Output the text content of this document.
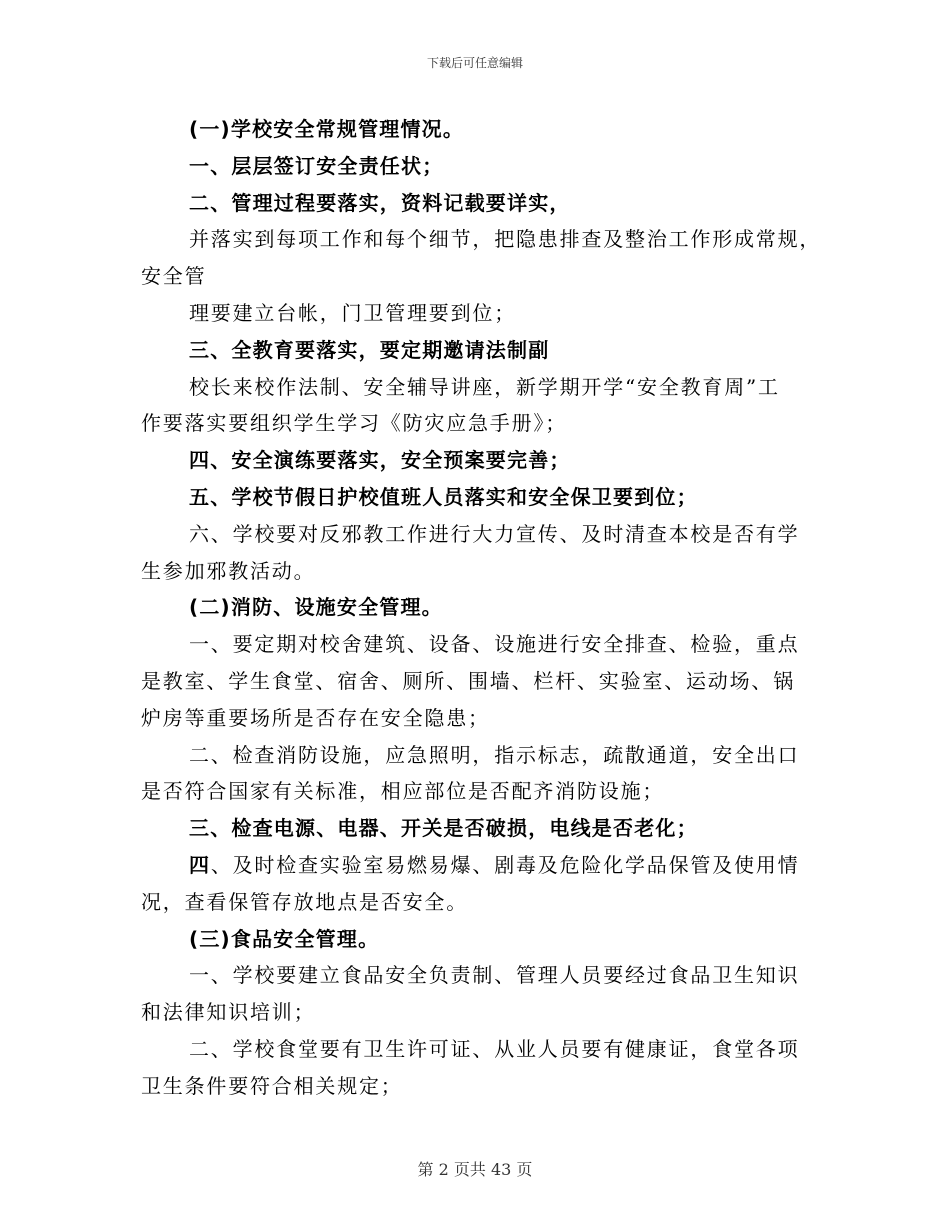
下载后可任意编辑
(一)学校安全常规管理情况。
一、层层签订安全责任状；
二、管理过程要落实，资料记载要详实，
并落实到每项工作和每个细节，把隐患排查及整治工作形成常规，
安全管
理要建立台帐，门卫管理要到位；
三、全教育要落实，要定期邀请法制副
校长来校作法制、安全辅导讲座，新学期开学“安全教育周”工
作要落实要组织学生学习《防灾应急手册》；
四、安全演练要落实，安全预案要完善；
五、学校节假日护校值班人员落实和安全保卫要到位；
六、学校要对反邪教工作进行大力宣传、及时清查本校是否有学
生参加邪教活动。
(二)消防、设施安全管理。
一、要定期对校舍建筑、设备、设施进行安全排查、检验，重点
是教室、学生食堂、宿舍、厕所、围墙、栏杆、实验室、运动场、锅
炉房等重要场所是否存在安全隐患；
二、检查消防设施，应急照明，指示标志，疏散通道，安全出口
是否符合国家有关标准，相应部位是否配齐消防设施；
三、检查电源、电器、开关是否破损，电线是否老化；
四、及时检查实验室易燃易爆、剧毒及危险化学品保管及使用情
况，查看保管存放地点是否安全。
(三)食品安全管理。
一、学校要建立食品安全负责制、管理人员要经过食品卫生知识
和法律知识培训；
二、学校食堂要有卫生许可证、从业人员要有健康证，食堂各项
卫生条件要符合相关规定；
第 2 页共 43 页
